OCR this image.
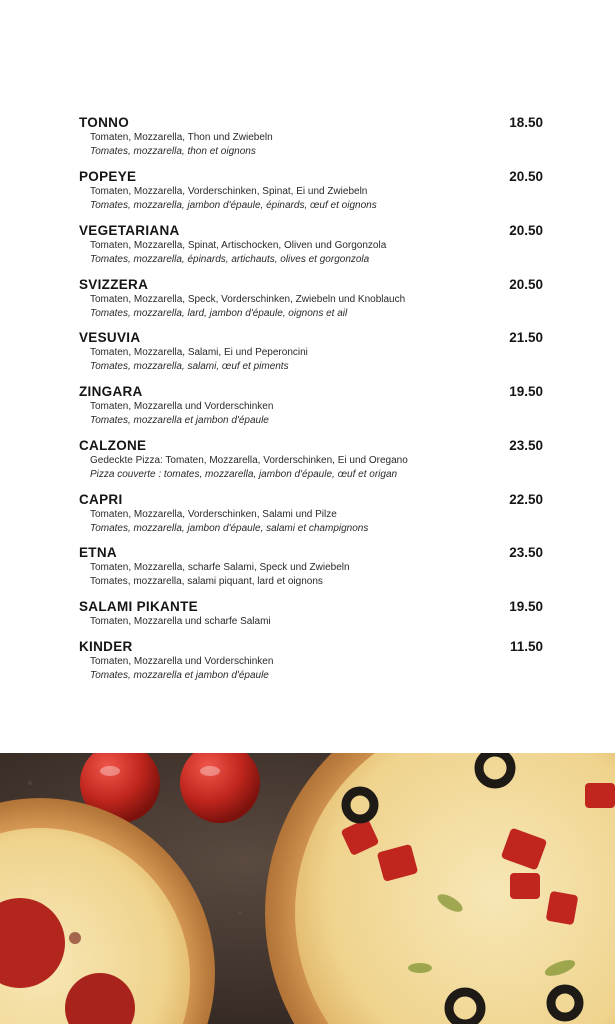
TONNO	18.50
Tomaten, Mozzarella, Thon und Zwiebeln
Tomates, mozzarella, thon et oignons
POPEYE	20.50
Tomaten, Mozzarella, Vorderschinken, Spinat, Ei und Zwiebeln
Tomates, mozzarella, jambon d'épaule, épinards, œuf et oignons
VEGETARIANA	20.50
Tomaten, Mozzarella, Spinat, Artischocken, Oliven und Gorgonzola
Tomates, mozzarella, épinards, artichauts, olives et gorgonzola
SVIZZERA	20.50
Tomaten, Mozzarella, Speck, Vorderschinken, Zwiebeln und Knoblauch
Tomates, mozzarella, lard, jambon d'épaule, oignons et ail
VESUVIA	21.50
Tomaten, Mozzarella, Salami, Ei und Peperoncini
Tomates, mozzarella, salami, œuf et piments
ZINGARA	19.50
Tomaten, Mozzarella und Vorderschinken
Tomates, mozzarella et jambon d'épaule
CALZONE	23.50
Gedeckte Pizza: Tomaten, Mozzarella, Vorderschinken, Ei und Oregano
Pizza couverte : tomates, mozzarella, jambon d'épaule, œuf et origan
CAPRI	22.50
Tomaten, Mozzarella, Vorderschinken, Salami und Pilze
Tomates, mozzarella, jambon d'épaule, salami et champignons
ETNA	23.50
Tomaten, Mozzarella, scharfe Salami, Speck und Zwiebeln
Tomates, mozzarella, salami piquant, lard et oignons
SALAMI PIKANTE	19.50
Tomaten, Mozzarella und scharfe Salami
KINDER	11.50
Tomaten, Mozzarella und Vorderschinken
Tomates, mozzarella et jambon d'épaule
